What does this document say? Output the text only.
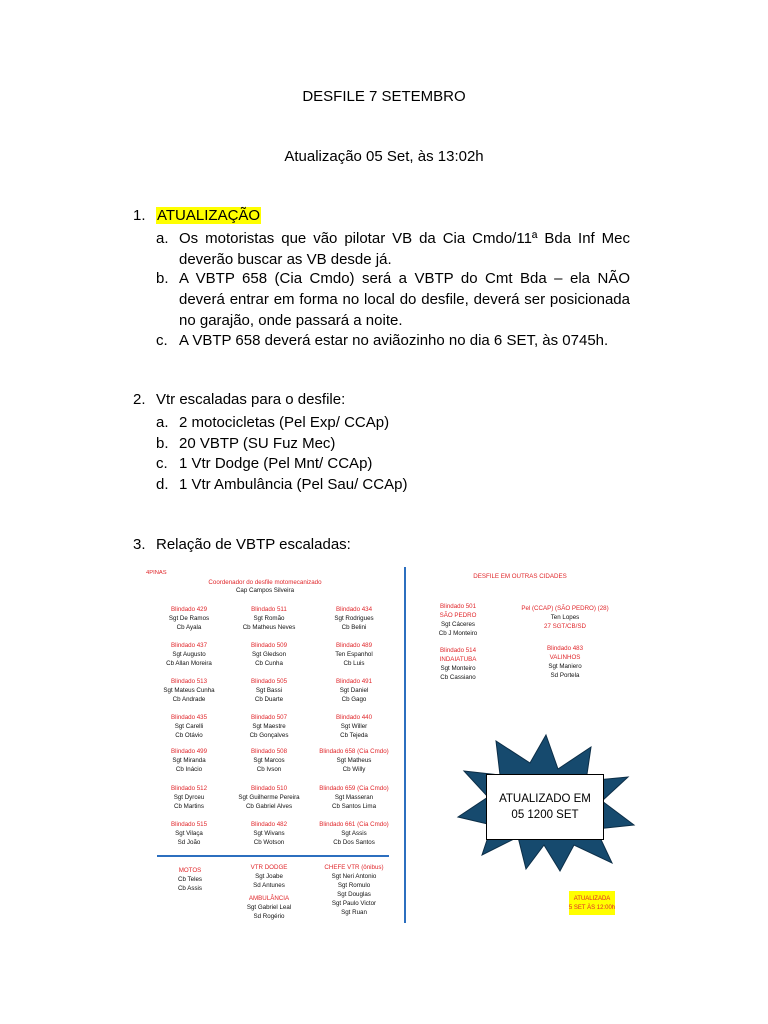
DESFILE 7 SETEMBRO
Atualização 05 Set, às 13:02h
1. ATUALIZAÇÃO
a. Os motoristas que vão pilotar VB da Cia Cmdo/11ª Bda Inf Mec deverão buscar as VB desde já.
b. A VBTP 658 (Cia Cmdo) será a VBTP do Cmt Bda – ela NÃO deverá entrar em forma no local do desfile, deverá ser posicionada no garajão, onde passará a noite.
c. A VBTP 658 deverá estar no aviãozinho no dia 6 SET, às 0745h.
2. Vtr escaladas para o desfile:
a. 2 motocicletas (Pel Exp/ CCAp)
b. 20 VBTP (SU Fuz Mec)
c. 1 Vtr Dodge (Pel Mnt/ CCAp)
d. 1 Vtr Ambulância (Pel Sau/ CCAp)
3. Relação de VBTP escaladas:
4PINAS
Coordenador do desfile motomecanizado
Cap Campos Silveira
Blindado 429
Sgt De Ramos
Cb Ayala
Blindado 437
Sgt Augusto
Cb Allan Moreira
Blindado 513
Sgt Mateus Cunha
Cb Andrade
Blindado 435
Sgt Carelli
Cb Otávio
Blindado 499
Sgt Miranda
Cb Inácio
Blindado 512
Sgt Dyrceu
Cb Martins
Blindado 515
Sgt Vilaça
Sd João
Blindado 511
Sgt Romão
Cb Matheus Neves
Blindado 509
Sgt Gledson
Cb Cunha
Blindado 505
Sgt Bassi
Cb Duarte
Blindado 507
Sgt Maestre
Cb Gonçalves
Blindado 508
Sgt Marcos
Cb Ivson
Blindado 510
Sgt Guilherme Pereira
Cb Gabriel Alves
Blindado 482
Sgt Wivans
Cb Wotson
Blindado 434
Sgt Rodrigues
Cb Belini
Blindado 489
Ten Espanhol
Cb Luis
Blindado 491
Sgt Daniel
Cb Gago
Blindado 440
Sgt Willer
Cb Tejeda
Blindado 658 (Cia Cmdo)
Sgt Matheus
Cb Willy
Blindado 659 (Cia Cmdo)
Sgt Masseran
Cb Santos Lima
Blindado 661 (Cia Cmdo)
Sgt Assis
Cb Dos Santos
MOTOS
Cb Teles
Cb Assis
VTR DODGE
Sgt Joabe
Sd Antunes
AMBULÂNCIA
Sgt Gabriel Leal
Sd Rogério
CHEFE VTR (ônibus)
Sgt Neri Antonio
Sgt Romulo
Sgt Douglas
Sgt Paulo Victor
Sgt Ruan
DESFILE EM OUTRAS CIDADES
Blindado 501
SÃO PEDRO
Sgt Cáceres
Cb J Monteiro
Blindado 514
INDAIATUBA
Sgt Monteiro
Cb Cassiano
Pel (CCAP) (SÃO PEDRO) (28)
Ten Lopes
27 SGT/CB/SD
Blindado 483
VALINHOS
Sgt Maniero
Sd Portela
ATUALIZADO EM
05 1200 SET
ATUALIZADA
5 SET ÀS 12:00h
